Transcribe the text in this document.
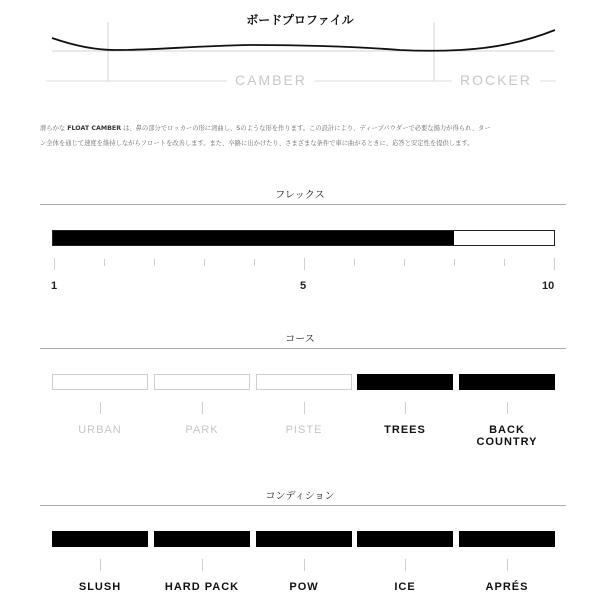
ボードプロファイル
CAMBER	ROCKER
滑らかな FLOAT CAMBER は、鼻の部分でロッカーの形に湾曲し、Sのような形を作ります。この設計により、ディープパウダーで必要な揚力が得られ、ター
ン全体を通じて速度を維持しながらフロートを改善します。また、卒路に出かけたり、さまざまな条件で車に曲がるときに、応答と安定性を提供します。
フレックス
1	5	10
コース
URBAN	PARK	PISTE	TREES	BACK
COUNTRY
コンディション
SLUSH	HARD PACK	POW	ICE	APRÉS
